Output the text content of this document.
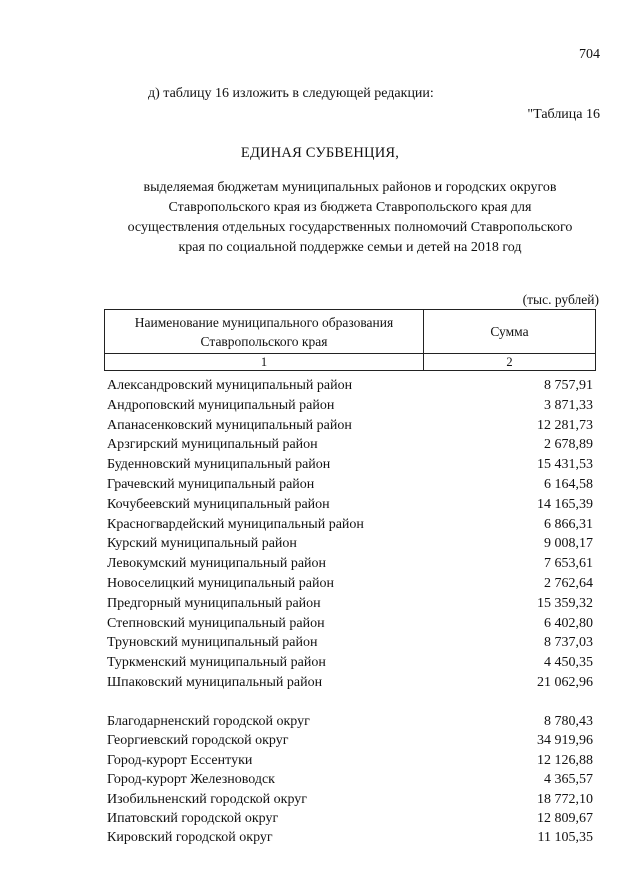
704
д) таблицу 16 изложить в следующей редакции:
"Таблица 16
ЕДИНАЯ СУБВЕНЦИЯ,
выделяемая бюджетам муниципальных районов и городских округов
Ставропольского края из бюджета Ставропольского края для
осуществления отдельных государственных полномочий Ставропольского
края по социальной поддержке семьи и детей на 2018 год
(тыс. рублей)
Наименование муниципального образования
Ставропольского края	Сумма
1	2
Александровский муниципальный район	8 757,91
Андроповский муниципальный район	3 871,33
Апанасенковский муниципальный район	12 281,73
Арзгирский муниципальный район	2 678,89
Буденновский муниципальный район	15 431,53
Грачевский муниципальный район	6 164,58
Кочубеевский муниципальный район	14 165,39
Красногвардейский муниципальный район	6 866,31
Курский муниципальный район	9 008,17
Левокумский муниципальный район	7 653,61
Новоселицкий муниципальный район	2 762,64
Предгорный муниципальный район	15 359,32
Степновский муниципальный район	6 402,80
Труновский муниципальный район	8 737,03
Туркменский муниципальный район	4 450,35
Шпаковский муниципальный район	21 062,96
Благодарненский городской округ	8 780,43
Георгиевский городской округ	34 919,96
Город-курорт Ессентуки	12 126,88
Город-курорт Железноводск	4 365,57
Изобильненский городской округ	18 772,10
Ипатовский городской округ	12 809,67
Кировский городской округ	11 105,35
